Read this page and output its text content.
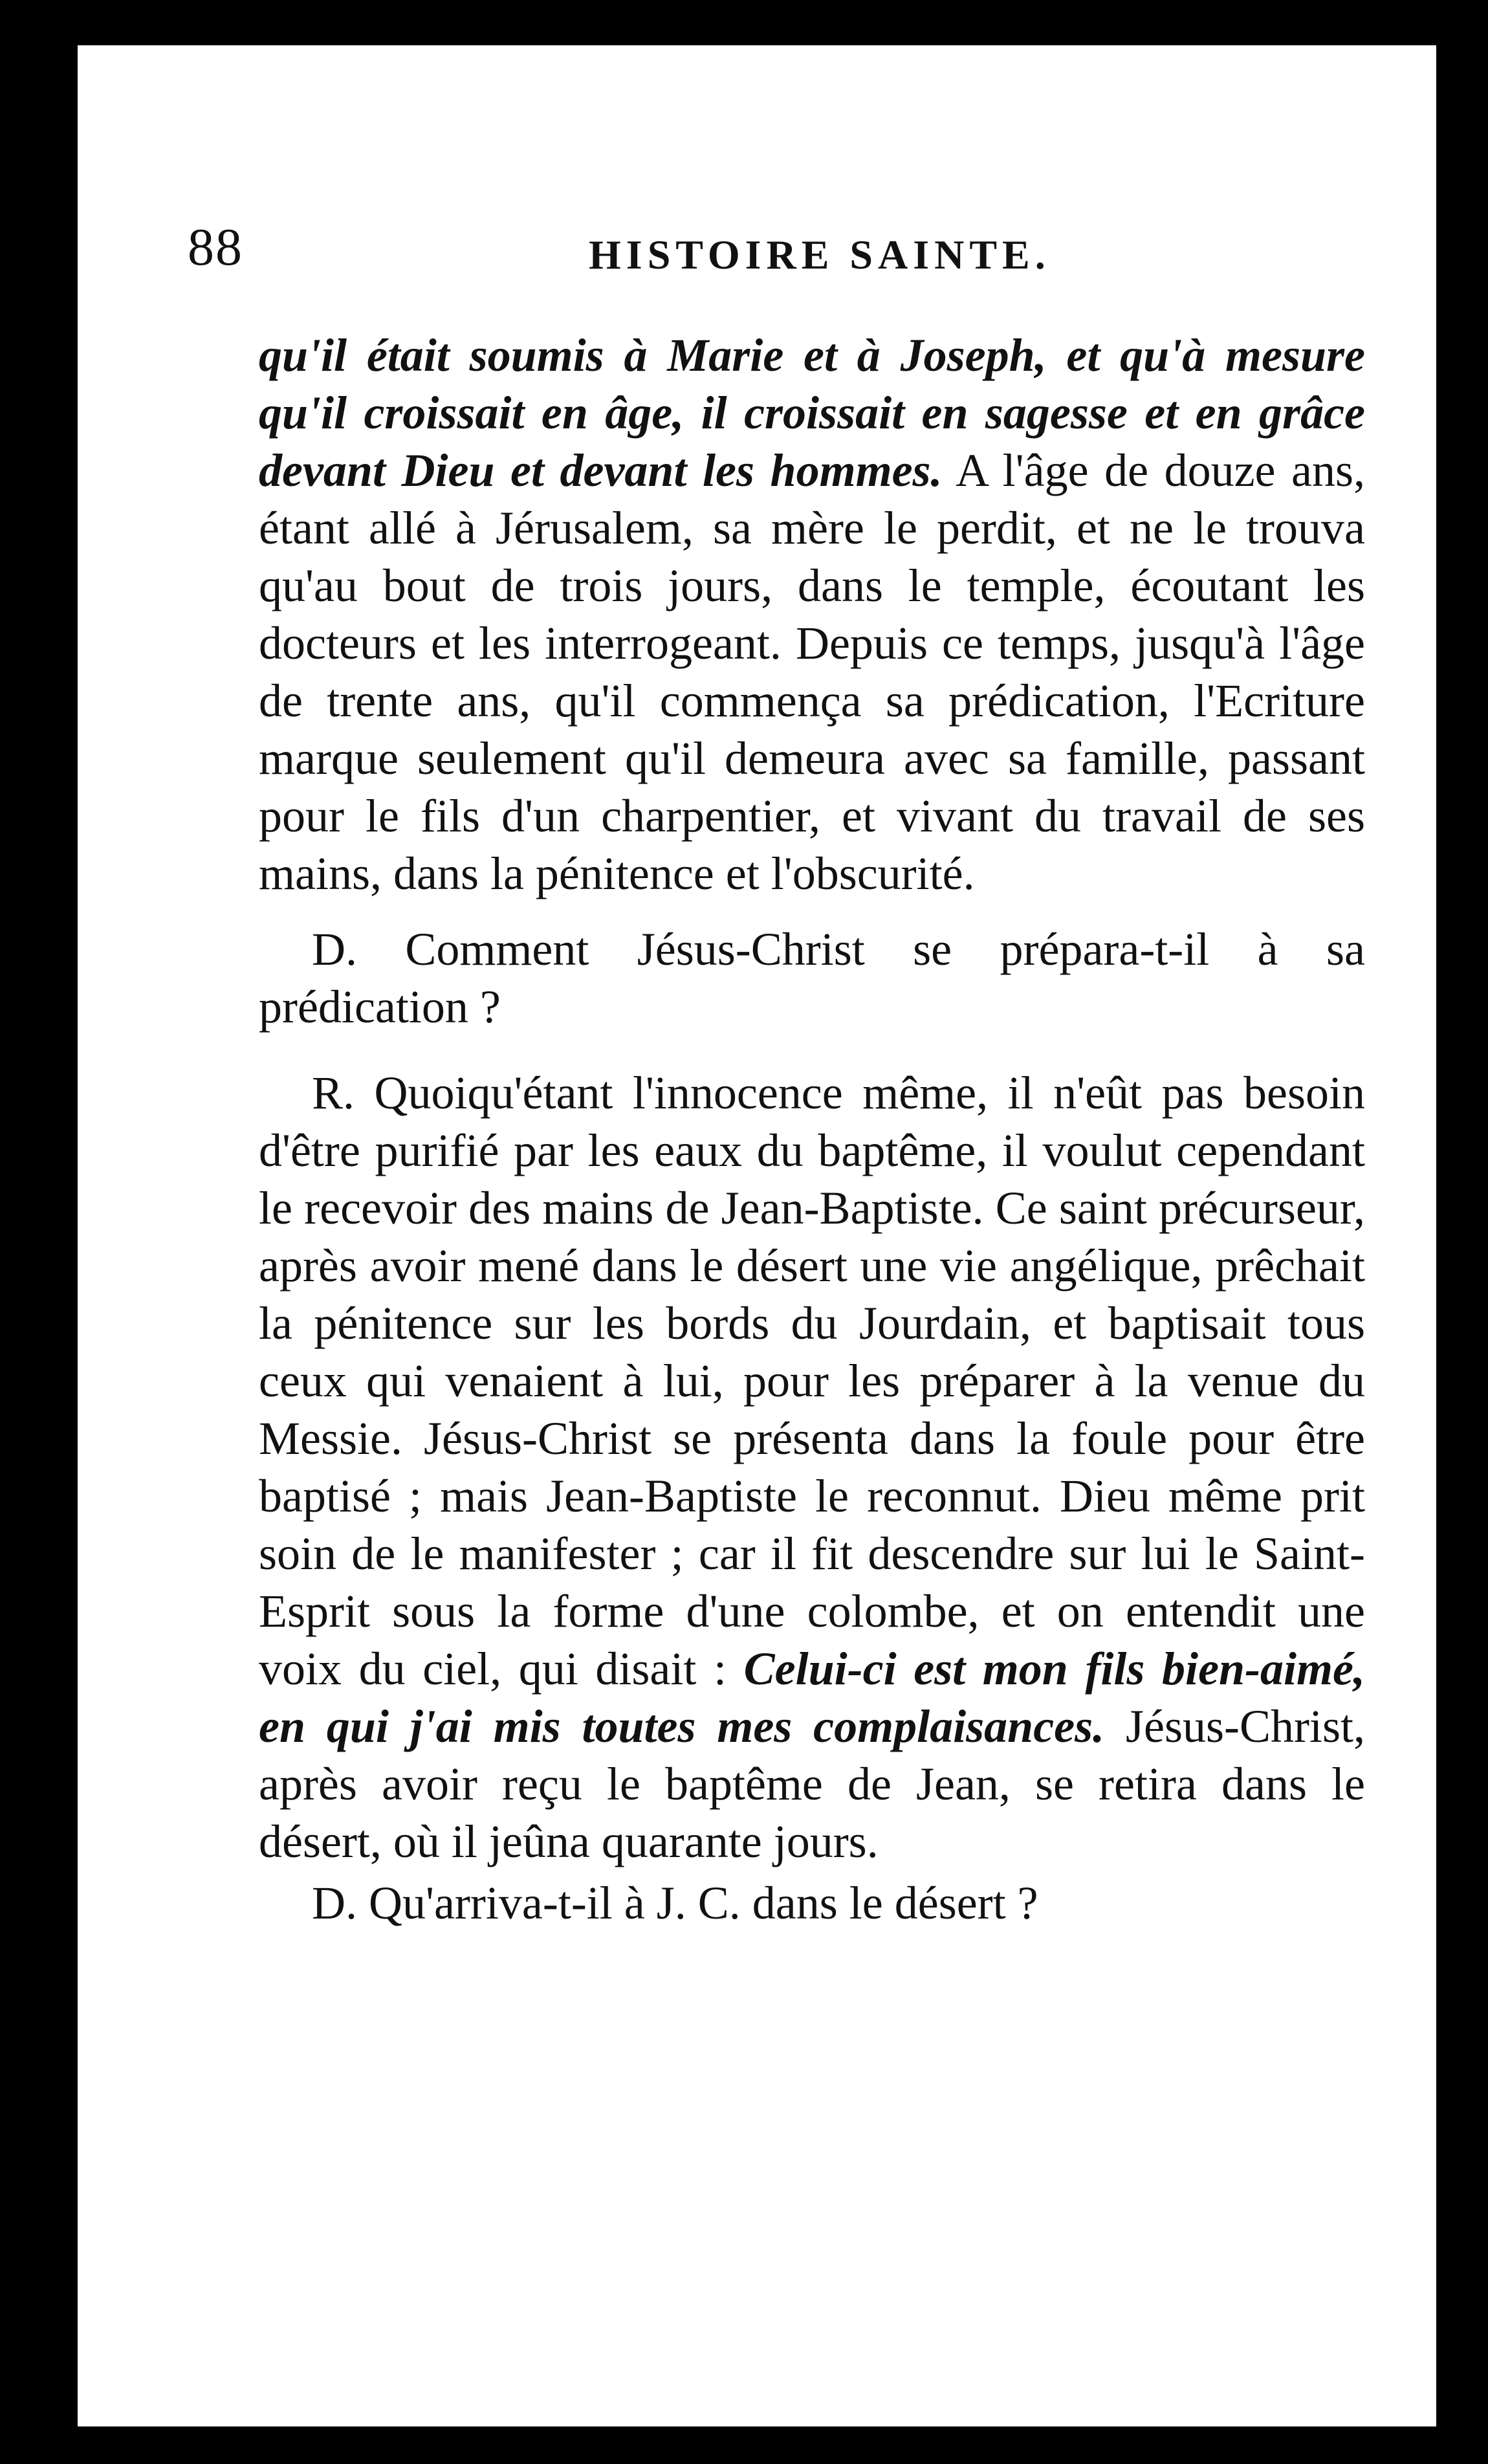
88	HISTOIRE SAINTE.

qu'il était soumis à Marie et à Joseph, et qu'à mesure qu'il croissait en âge, il croissait en sagesse et en grâce devant Dieu et devant les hommes. A l'âge de douze ans, étant allé à Jérusalem, sa mère le perdit, et ne le trouva qu'au bout de trois jours, dans le temple, écoutant les docteurs et les interrogeant. Depuis ce temps, jusqu'à l'âge de trente ans, qu'il commença sa prédication, l'Ecriture marque seulement qu'il demeura avec sa famille, passant pour le fils d'un charpentier, et vivant du travail de ses mains, dans la pénitence et l'obscurité.

D. Comment Jésus-Christ se prépara-t-il à sa prédication ?

R. Quoiqu'étant l'innocence même, il n'eût pas besoin d'être purifié par les eaux du baptême, il voulut cependant le recevoir des mains de Jean-Baptiste. Ce saint précurseur, après avoir mené dans le désert une vie angélique, prêchait la pénitence sur les bords du Jourdain, et baptisait tous ceux qui venaient à lui, pour les préparer à la venue du Messie. Jésus-Christ se présenta dans la foule pour être baptisé ; mais Jean-Baptiste le reconnut. Dieu même prit soin de le manifester ; car il fit descendre sur lui le Saint-Esprit sous la forme d'une colombe, et on entendit une voix du ciel, qui disait : Celui-ci est mon fils bien-aimé, en qui j'ai mis toutes mes complaisances. Jésus-Christ, après avoir reçu le baptême de Jean, se retira dans le désert, où il jeûna quarante jours.

D. Qu'arriva-t-il à J. C. dans le désert ?
